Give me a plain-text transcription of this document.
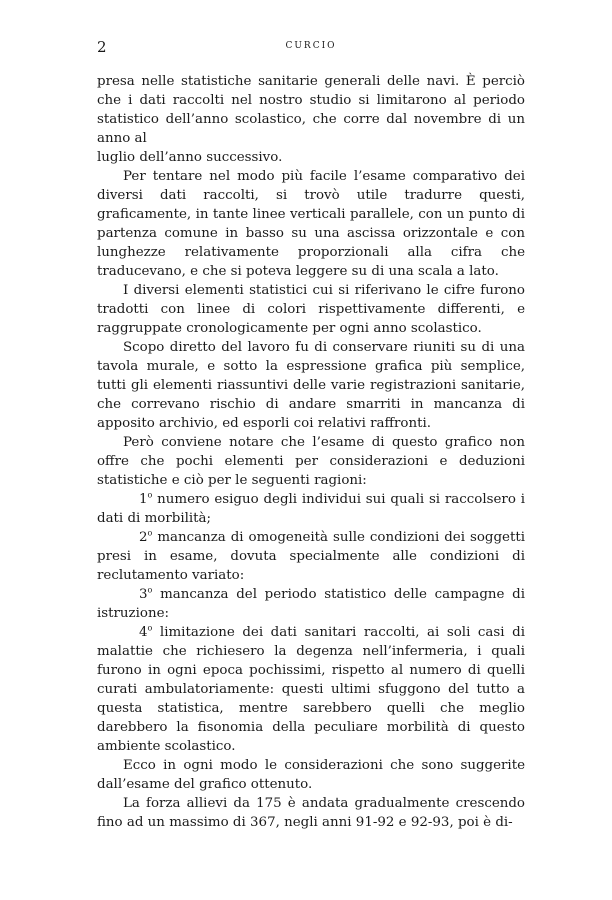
2	CURCIO

presa nelle statistiche sanitarie generali delle navi. È perciò
che i dati raccolti nel nostro studio si limitarono al periodo statistico dell’anno scolastico, che corre dal novembre di un anno al
luglio dell’anno successivo.

Per tentare nel modo più facile l’esame comparativo dei diversi dati raccolti, si trovò utile tradurre questi, graficamente, in tante linee verticali parallele, con un punto di partenza comune in basso su una ascissa orizzontale e con lunghezze relativamente proporzionali alla cifra che traducevano, e che si poteva leggere su di una scala a lato.

I diversi elementi statistici cui si riferivano le cifre furono tradotti con linee di colori rispettivamente differenti, e raggruppate cronologicamente per ogni anno scolastico.

Scopo diretto del lavoro fu di conservare riuniti su di una tavola murale, e sotto la espressione grafica più semplice, tutti gli elementi riassuntivi delle varie registrazioni sanitarie, che correvano rischio di andare smarriti in mancanza di apposito archivio, ed esporli coi relativi raffronti.

Però conviene notare che l’esame di questo grafico non offre che pochi elementi per considerazioni e deduzioni statistiche e ciò per le seguenti ragioni:

1$^o$ numero esiguo degli individui sui quali si raccolsero i dati di morbilità;

2$^o$ mancanza di omogeneità sulle condizioni dei soggetti presi in esame, dovuta specialmente alle condizioni di reclutamento variato:

3$^o$ mancanza del periodo statistico delle campagne di istruzione:

4$^o$ limitazione dei dati sanitari raccolti, ai soli casi di malattie che richiesero la degenza nell’infermeria, i quali furono in ogni epoca pochissimi, rispetto al numero di quelli curati ambulatoriamente: questi ultimi sfuggono del tutto a questa statistica, mentre sarebbero quelli che meglio darebbero la fisonomia della peculiare morbilità di questo ambiente scolastico.

Ecco in ogni modo le considerazioni che sono suggerite dall’esame del grafico ottenuto.

La forza allievi da 175 è andata gradualmente crescendo fino ad un massimo di 367, negli anni 91-92 e 92-93, poi è di-
